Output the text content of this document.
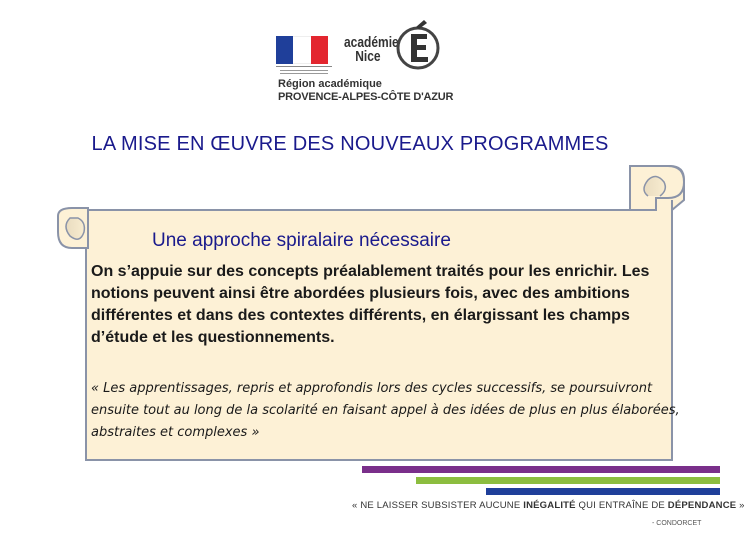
académie
Nice
Région académique
PROVENCE-ALPES-CÔTE D'AZUR
LA MISE EN ŒUVRE DES NOUVEAUX PROGRAMMES
Une approche spiralaire nécessaire
On s’appuie sur des concepts préalablement traités pour les enrichir. Les notions peuvent ainsi être abordées plusieurs fois, avec des ambitions différentes et dans des contextes différents, en élargissant les champs d’étude et les questionnements.
« Les apprentissages, repris et approfondis lors des cycles successifs, se poursuivront ensuite tout au long de la scolarité en faisant appel à des idées de plus en plus élaborées, abstraites et complexes »
« NE LAISSER SUBSISTER AUCUNE INÉGALITÉ QUI ENTRAÎNE DE DÉPENDANCE »
- CONDORCET
